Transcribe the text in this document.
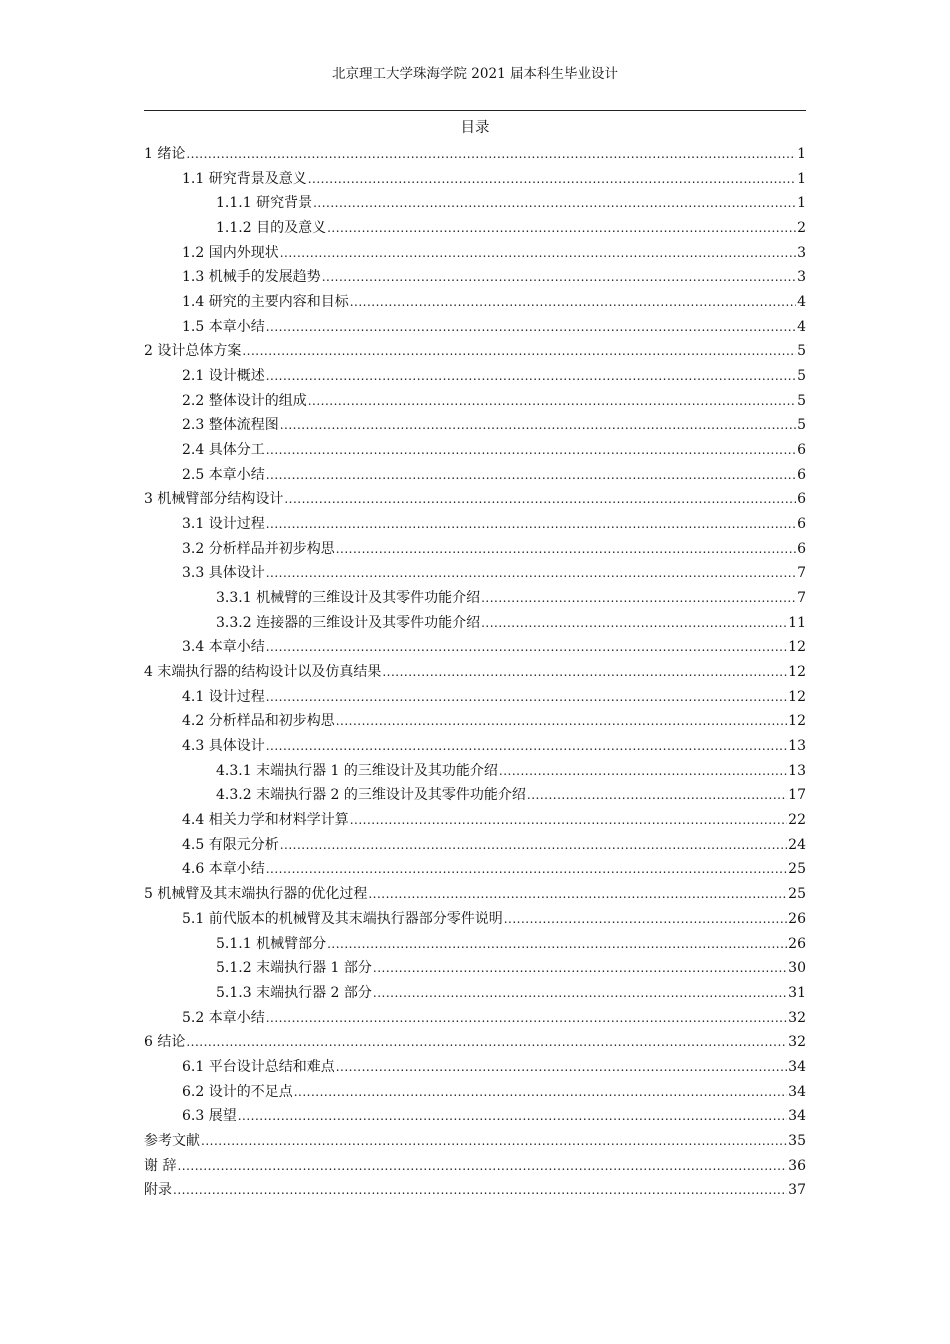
北京理工大学珠海学院 2021 届本科生毕业设计
目录
1 绪论 .....	1
1.1 研究背景及意义 .....	1
1.1.1 研究背景 .....	1
1.1.2 目的及意义 .....	2
1.2 国内外现状 .....	3
1.3 机械手的发展趋势 .....	3
1.4 研究的主要内容和目标 .....	4
1.5 本章小结 .....	4
2 设计总体方案 .....	5
2.1 设计概述 .....	5
2.2 整体设计的组成 .....	5
2.3 整体流程图 .....	5
2.4 具体分工 .....	6
2.5 本章小结 .....	6
3 机械臂部分结构设计 .....	6
3.1 设计过程 .....	6
3.2 分析样品并初步构思 .....	6
3.3 具体设计 .....	7
3.3.1 机械臂的三维设计及其零件功能介绍 .....	7
3.3.2 连接器的三维设计及其零件功能介绍 .....	11
3.4 本章小结 .....	12
4 末端执行器的结构设计以及仿真结果 .....	12
4.1 设计过程 .....	12
4.2 分析样品和初步构思 .....	12
4.3 具体设计 .....	13
4.3.1 末端执行器 1 的三维设计及其功能介绍 .....	13
4.3.2 末端执行器 2 的三维设计及其零件功能介绍 .....	17
4.4 相关力学和材料学计算 .....	22
4.5 有限元分析 .....	24
4.6 本章小结 .....	25
5 机械臂及其末端执行器的优化过程 .....	25
5.1 前代版本的机械臂及其末端执行器部分零件说明 .....	26
5.1.1 机械臂部分 .....	26
5.1.2 末端执行器 1 部分 .....	30
5.1.3 末端执行器 2 部分 .....	31
5.2 本章小结 .....	32
6 结论 .....	32
6.1 平台设计总结和难点 .....	34
6.2 设计的不足点 .....	34
6.3 展望 .....	34
参考文献 .....	35
谢 辞 .....	36
附录 .....	37
